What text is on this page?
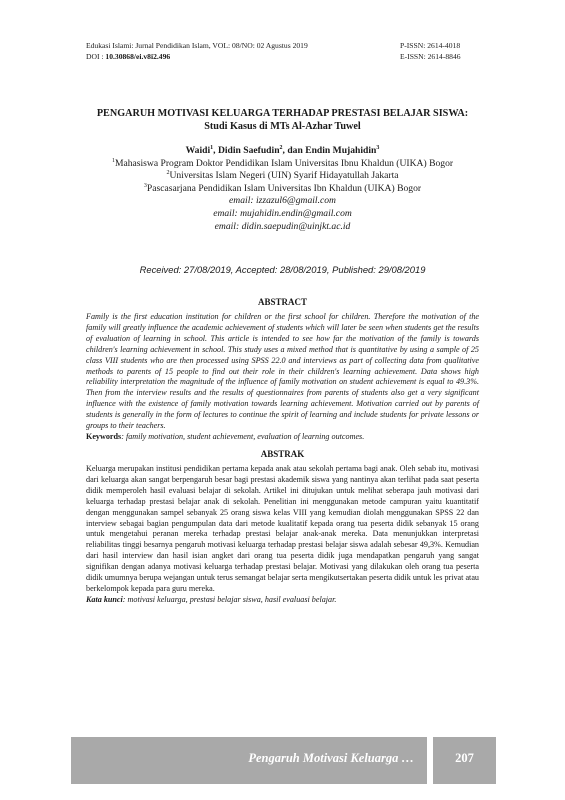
Edukasi Islami: Jurnal Pendidikan Islam, VOL: 08/NO: 02 Agustus 2019
DOI : 10.30868/ei.v8i2.496
P-ISSN: 2614-4018
E-ISSN: 2614-8846
PENGARUH MOTIVASI KELUARGA TERHADAP PRESTASI BELAJAR SISWA:
Studi Kasus di MTs Al-Azhar Tuwel
Waidi$^1$, Didin Saefudin$^2$, dan Endin Mujahidin$^3$
$^1$Mahasiswa Program Doktor Pendidikan Islam Universitas Ibnu Khaldun (UIKA) Bogor
$^2$Universitas Islam Negeri (UIN) Syarif Hidayatullah Jakarta
$^3$Pascasarjana Pendidikan Islam Universitas Ibn Khaldun (UIKA) Bogor
email: izzazul6@gmail.com
email: mujahidin.endin@gmail.com
email: didin.saepudin@uinjkt.ac.id
Received: 27/08/2019, Accepted: 28/08/2019, Published: 29/08/2019
ABSTRACT
Family is the first education institution for children or the first school for children. Therefore the motivation of the family will greatly influence the academic achievement of students which will later be seen when students get the results of evaluation of learning in school. This article is intended to see how far the motivation of the family is towards children's learning achievement in school. This study uses a mixed method that is quantitative by using a sample of 25 class VIII students who are then processed using SPSS 22.0 and interviews as part of collecting data from qualitative methods to parents of 15 people to find out their role in their children's learning achievement. Data shows high reliability interpretation the magnitude of the influence of family motivation on student achievement is equal to 49.3%. Then from the interview results and the results of questionnaires from parents of students also get a very significant influence with the existence of family motivation towards learning achievement. Motivation carried out by parents of students is generally in the form of lectures to continue the spirit of learning and include students for private lessons or groups to their teachers.
Keywords: family motivation, student achievement, evaluation of learning outcomes.
ABSTRAK
Keluarga merupakan institusi pendidikan pertama kepada anak atau sekolah pertama bagi anak. Oleh sebab itu, motivasi dari keluarga akan sangat berpengaruh besar bagi prestasi akademik siswa yang nantinya akan terlihat pada saat peserta didik memperoleh hasil evaluasi belajar di sekolah. Artikel ini ditujukan untuk melihat seberapa jauh motivasi dari keluarga terhadap prestasi belajar anak di sekolah. Penelitian ini menggunakan metode campuran yaitu kuantitatif dengan menggunakan sampel sebanyak 25 orang siswa kelas VIII yang kemudian diolah menggunakan SPSS 22 dan interview sebagai bagian pengumpulan data dari metode kualitatif kepada orang tua peserta didik sebanyak 15 orang untuk mengetahui peranan mereka terhadap prestasi belajar anak-anak mereka. Data menunjukkan interpretasi reliabilitas tinggi besarnya pengaruh motivasi keluarga terhadap prestasi belajar siswa adalah sebesar 49,3%. Kemudian dari hasil interview dan hasil isian angket dari orang tua peserta didik juga mendapatkan pengaruh yang sangat signifikan dengan adanya motivasi keluarga terhadap prestasi belajar. Motivasi yang dilakukan oleh orang tua peserta didik umumnya berupa wejangan untuk terus semangat belajar serta mengikutsertakan peserta didik untuk les privat atau berkelompok kepada para guru mereka.
Kata kunci: motivasi keluarga, prestasi belajar siswa, hasil evaluasi belajar.
Pengaruh Motivasi Keluarga …	207
